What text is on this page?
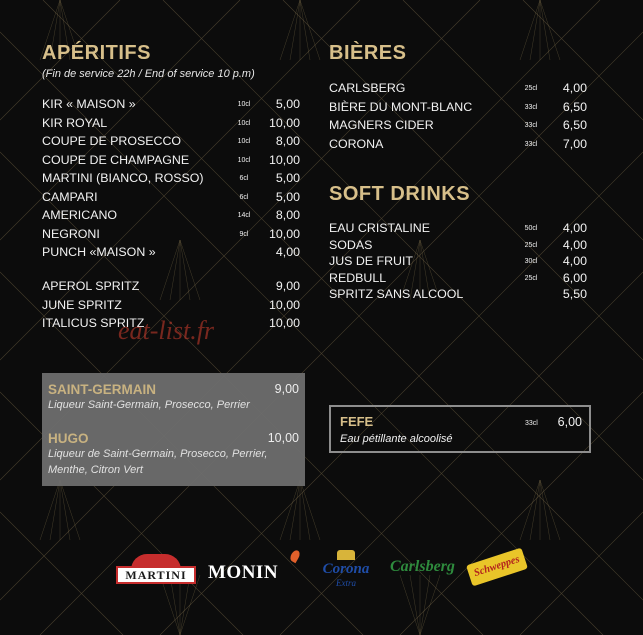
APÉRITIFS
(Fin de service 22h / End of service 10 p.m)
KIR « MAISON »	10cl	5,00
KIR ROYAL	10cl	10,00
COUPE DE PROSECCO	10cl	8,00
COUPE DE CHAMPAGNE	10cl	10,00
MARTINI (BIANCO, ROSSO)	6cl	5,00
CAMPARI	6cl	5,00
AMERICANO	14cl	8,00
NEGRONI	9cl	10,00
PUNCH «MAISON »	4,00
APEROL SPRITZ	9,00
JUNE SPRITZ	10,00
ITALICUS SPRITZ	10,00
eat-list.fr
SAINT-GERMAIN	9,00
Liqueur Saint-Germain, Prosecco, Perrier
HUGO	10,00
Liqueur de Saint-Germain, Prosecco, Perrier, Menthe, Citron Vert
BIÈRES
CARLSBERG	25cl	4,00
BIÈRE DU MONT-BLANC	33cl	6,50
MAGNERS CIDER	33cl	6,50
CORONA	33cl	7,00
SOFT DRINKS
EAU CRISTALINE	50cl	4,00
SODAS	25cl	4,00
JUS DE FRUIT	30cl	4,00
REDBULL	25cl	6,00
SPRITZ SANS ALCOOL	5,50
FEFE	33cl 6,00
Eau pétillante alcoolisé
MARTINI	MONIN	Corona
Extra
Carlsberg	Schweppes
